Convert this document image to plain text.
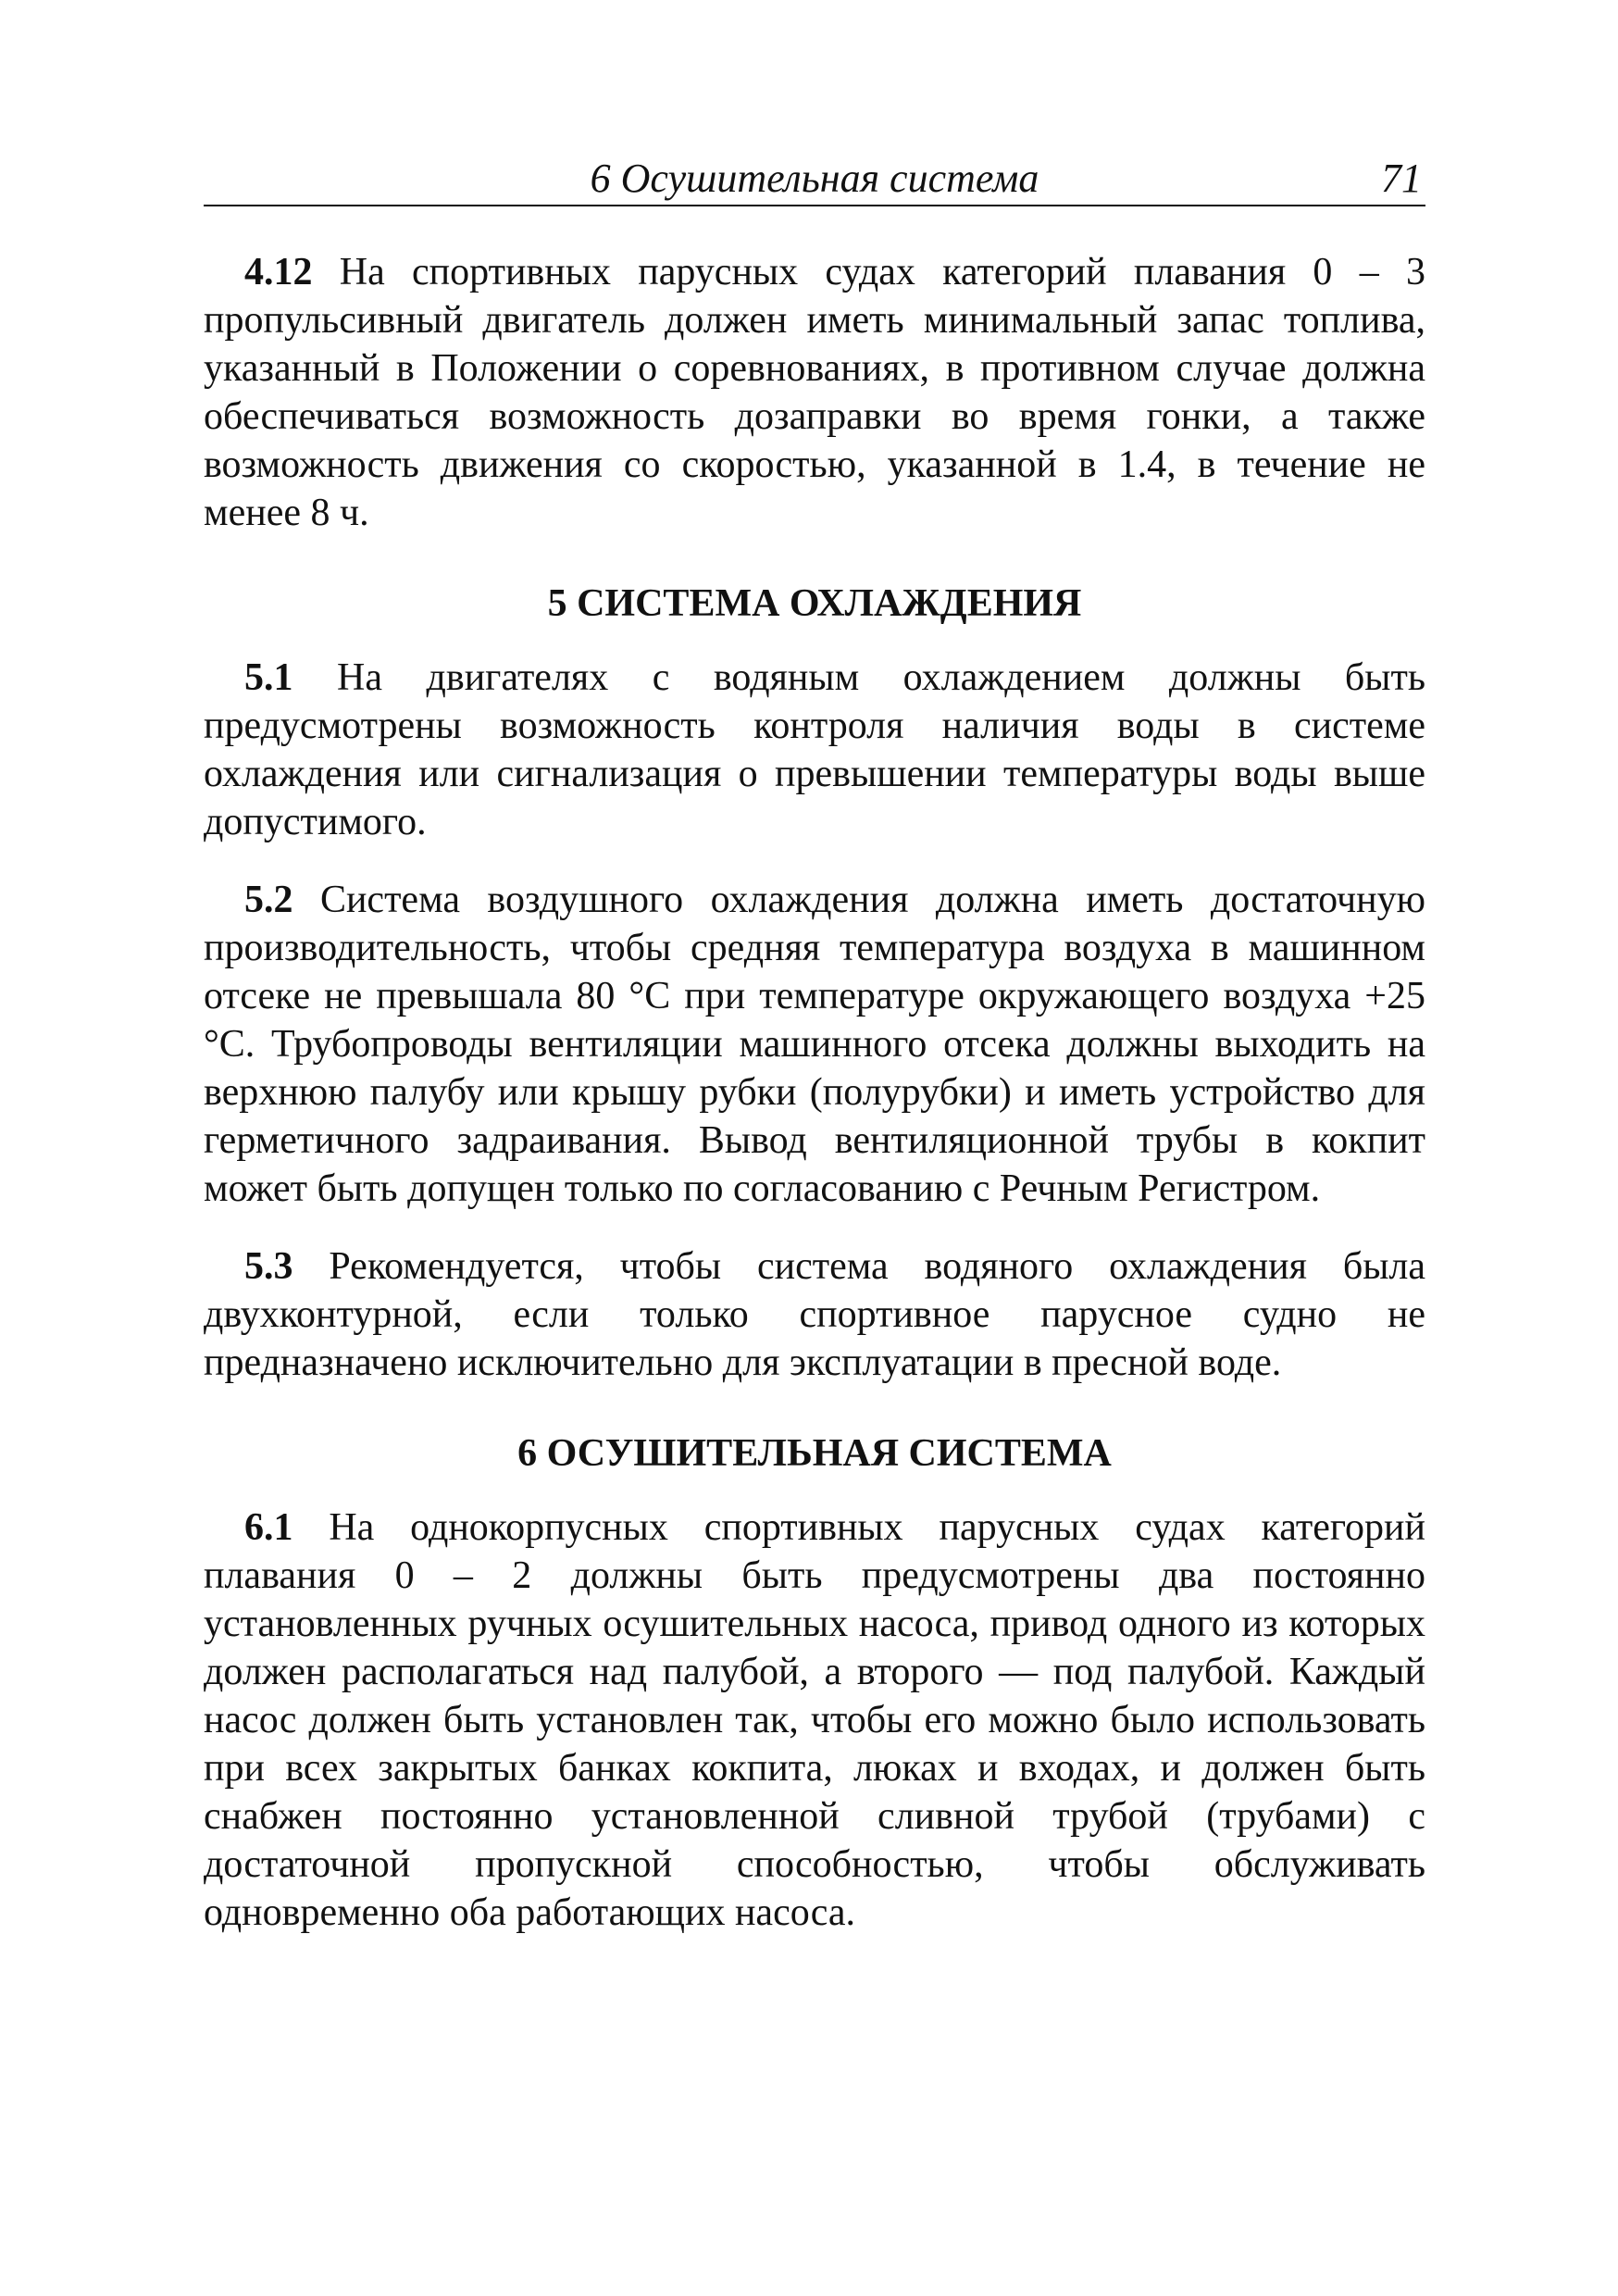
6 Осушительная система	71

4.12 На спортивных парусных судах категорий плавания 0 – 3 пропульсивный двигатель должен иметь минимальный запас топлива, указанный в Положении о соревнованиях, в противном случае должна обеспечиваться возможность дозаправки во время гонки, а также возможность движения со скоростью, указанной в 1.4, в течение не менее 8 ч.

5 СИСТЕМА ОХЛАЖДЕНИЯ

5.1 На двигателях с водяным охлаждением должны быть предусмотрены возможность контроля наличия воды в системе охлаждения или сигнализация о превышении температуры воды выше допустимого.

5.2 Система воздушного охлаждения должна иметь достаточную производительность, чтобы средняя температура воздуха в машинном отсеке не превышала 80 °С при температуре окружающего воздуха +25 °С. Трубопроводы вентиляции машинного отсека должны выходить на верхнюю палубу или крышу рубки (полурубки) и иметь устройство для герметичного задраивания. Вывод вентиляционной трубы в кокпит может быть допущен только по согласованию с Речным Регистром.

5.3 Рекомендуется, чтобы система водяного охлаждения была двухконтурной, если только спортивное парусное судно не предназначено исключительно для эксплуатации в пресной воде.

6 ОСУШИТЕЛЬНАЯ СИСТЕМА

6.1 На однокорпусных спортивных парусных судах категорий плавания 0 – 2 должны быть предусмотрены два постоянно установленных ручных осушительных насоса, привод одного из которых должен располагаться над палубой, а второго — под палубой. Каждый насос должен быть установлен так, чтобы его можно было использовать при всех закрытых банках кокпита, люках и входах, и должен быть снабжен постоянно установленной сливной трубой (трубами) с достаточной пропускной способностью, чтобы обслуживать одновременно оба работающих насоса.
